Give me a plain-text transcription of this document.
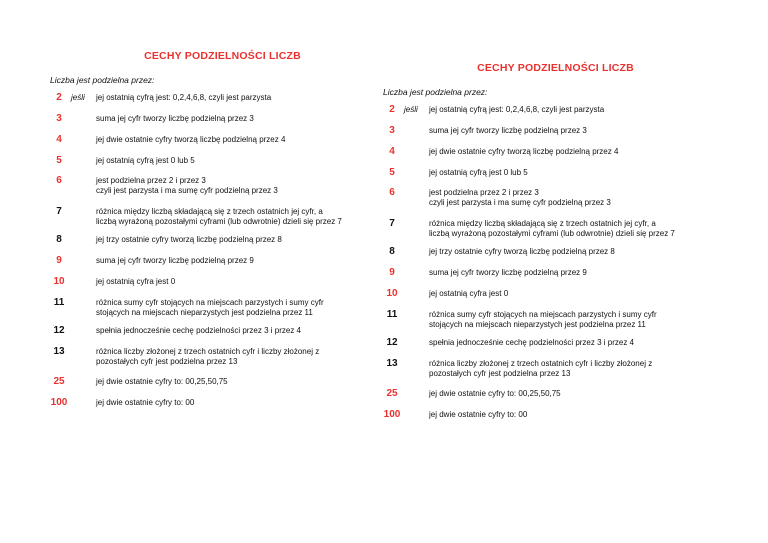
CECHY PODZIELNOŚCI LICZB
Liczba jest podzielna przez:
2	jeśli jej ostatnią cyfrą jest: 0,2,4,6,8, czyli jest parzysta
3	suma jej cyfr tworzy liczbę podzielną przez 3
4	jej dwie ostatnie cyfry tworzą liczbę podzielną przez 4
5	jej ostatnią cyfrą jest 0 lub 5
6	jest podzielna przez 2 i przez 3
czyli jest parzysta i ma sumę cyfr podzielną przez 3
7	różnica między liczbą składającą się z trzech ostatnich jej cyfr, a
liczbą wyrażoną pozostałymi cyframi (lub odwrotnie) dzieli się przez 7
8	jej trzy ostatnie cyfry tworzą liczbę podzielną przez 8
9	suma jej cyfr tworzy liczbę podzielną przez 9
10	jej ostatnią cyfra jest 0
11	różnica sumy cyfr stojących na miejscach parzystych i sumy cyfr
stojących na miejscach nieparzystych jest podzielna przez 11
12	spełnia jednocześnie cechę podzielności przez 3 i przez 4
13	różnica liczby złożonej z trzech ostatnich cyfr i liczby złożonej z
pozostałych cyfr jest podzielna przez 13
25	jej dwie ostatnie cyfry to: 00,25,50,75
100	jej dwie ostatnie cyfry to: 00
CECHY PODZIELNOŚCI LICZB
Liczba jest podzielna przez:
2	jeśli jej ostatnią cyfrą jest: 0,2,4,6,8, czyli jest parzysta
3	suma jej cyfr tworzy liczbę podzielną przez 3
4	jej dwie ostatnie cyfry tworzą liczbę podzielną przez 4
5	jej ostatnią cyfrą jest 0 lub 5
6	jest podzielna przez 2 i przez 3
czyli jest parzysta i ma sumę cyfr podzielną przez 3
7	różnica między liczbą składającą się z trzech ostatnich jej cyfr, a
liczbą wyrażoną pozostałymi cyframi (lub odwrotnie) dzieli się przez 7
8	jej trzy ostatnie cyfry tworzą liczbę podzielną przez 8
9	suma jej cyfr tworzy liczbę podzielną przez 9
10	jej ostatnią cyfra jest 0
11	różnica sumy cyfr stojących na miejscach parzystych i sumy cyfr
stojących na miejscach nieparzystych jest podzielna przez 11
12	spełnia jednocześnie cechę podzielności przez 3 i przez 4
13	różnica liczby złożonej z trzech ostatnich cyfr i liczby złożonej z
pozostałych cyfr jest podzielna przez 13
25	jej dwie ostatnie cyfry to: 00,25,50,75
100	jej dwie ostatnie cyfry to: 00
